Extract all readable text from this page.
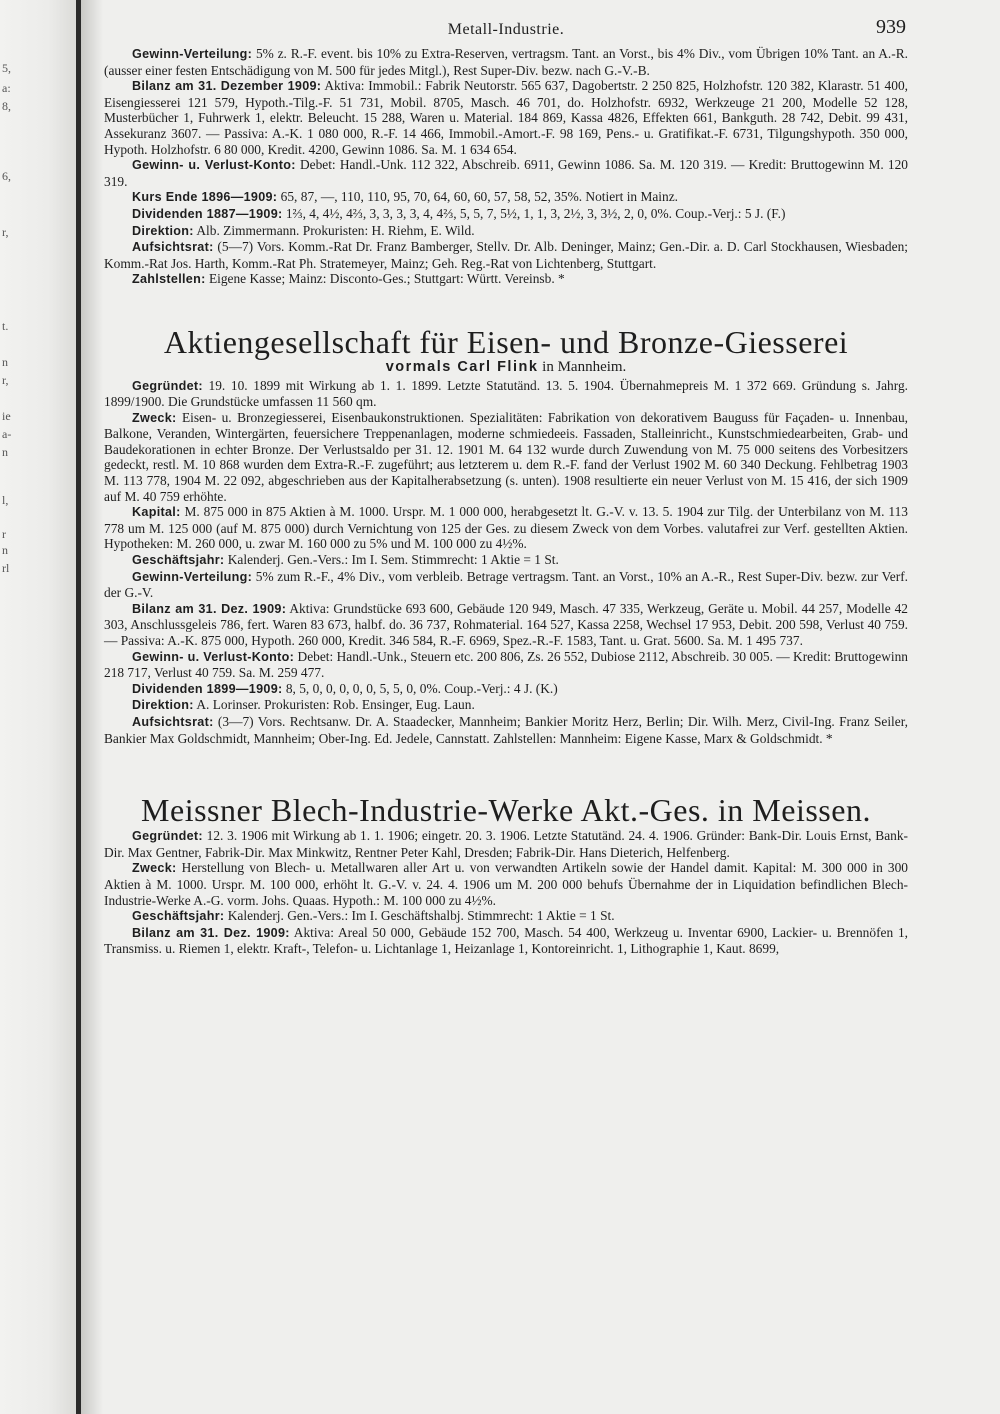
5,
a:
8,
6,
r,
t.
n
r,
ie
a-
n
l,
r
n
rl
Metall-Industrie.	939

Gewinn-Verteilung: 5% z. R.-F. event. bis 10% zu Extra-Reserven, vertragsm. Tant. an Vorst., bis 4% Div., vom Übrigen 10% Tant. an A.-R. (ausser einer festen Entschädigung von M. 500 für jedes Mitgl.), Rest Super-Div. bezw. nach G.-V.-B.

Bilanz am 31. Dezember 1909: Aktiva: Immobil.: Fabrik Neutorstr. 565 637, Dagobertstr. 2 250 825, Holzhofstr. 120 382, Klarastr. 51 400, Eisengiesserei 121 579, Hypoth.-Tilg.-F. 51 731, Mobil. 8705, Masch. 46 701, do. Holzhofstr. 6932, Werkzeuge 21 200, Modelle 52 128, Musterbücher 1, Fuhrwerk 1, elektr. Beleucht. 15 288, Waren u. Material. 184 869, Kassa 4826, Effekten 661, Bankguth. 28 742, Debit. 99 431, Assekuranz 3607. — Passiva: A.-K. 1 080 000, R.-F. 14 466, Immobil.-Amort.-F. 98 169, Pens.- u. Gratifikat.-F. 6731, Tilgungshypoth. 350 000, Hypoth. Holzhofstr. 6 80 000, Kredit. 4200, Gewinn 1086. Sa. M. 1 634 654.

Gewinn- u. Verlust-Konto: Debet: Handl.-Unk. 112 322, Abschreib. 6911, Gewinn 1086. Sa. M. 120 319. — Kredit: Bruttogewinn M. 120 319.

Kurs Ende 1896—1909: 65, 87, —, 110, 110, 95, 70, 64, 60, 60, 57, 58, 52, 35%. Notiert in Mainz.

Dividenden 1887—1909: 1⅔, 4, 4½, 4⅔, 3, 3, 3, 3, 4, 4⅔, 5, 5, 7, 5½, 1, 1, 3, 2½, 3, 3½, 2, 0, 0%. Coup.-Verj.: 5 J. (F.)

Direktion: Alb. Zimmermann. Prokuristen: H. Riehm, E. Wild.

Aufsichtsrat: (5—7) Vors. Komm.-Rat Dr. Franz Bamberger, Stellv. Dr. Alb. Deninger, Mainz; Gen.-Dir. a. D. Carl Stockhausen, Wiesbaden; Komm.-Rat Jos. Harth, Komm.-Rat Ph. Stratemeyer, Mainz; Geh. Reg.-Rat von Lichtenberg, Stuttgart.

Zahlstellen: Eigene Kasse; Mainz: Disconto-Ges.; Stuttgart: Württ. Vereinsb. *

Aktiengesellschaft für Eisen- und Bronze-Giesserei
vormals Carl Flink in Mannheim.

Gegründet: 19. 10. 1899 mit Wirkung ab 1. 1. 1899. Letzte Statutänd. 13. 5. 1904. Übernahmepreis M. 1 372 669. Gründung s. Jahrg. 1899/1900. Die Grundstücke umfassen 11 560 qm.

Zweck: Eisen- u. Bronzegiesserei, Eisenbaukonstruktionen. Spezialitäten: Fabrikation von dekorativem Bauguss für Façaden- u. Innenbau, Balkone, Veranden, Wintergärten, feuersichere Treppenanlagen, moderne schmiedeeis. Fassaden, Stalleinricht., Kunstschmiedearbeiten, Grab- und Baudekorationen in echter Bronze. Der Verlustsaldo per 31. 12. 1901 M. 64 132 wurde durch Zuwendung von M. 75 000 seitens des Vorbesitzers gedeckt, restl. M. 10 868 wurden dem Extra-R.-F. zugeführt; aus letzterem u. dem R.-F. fand der Verlust 1902 M. 60 340 Deckung. Fehlbetrag 1903 M. 113 778, 1904 M. 22 092, abgeschrieben aus der Kapitalherabsetzung (s. unten). 1908 resultierte ein neuer Verlust von M. 15 416, der sich 1909 auf M. 40 759 erhöhte.

Kapital: M. 875 000 in 875 Aktien à M. 1000. Urspr. M. 1 000 000, herabgesetzt lt. G.-V. v. 13. 5. 1904 zur Tilg. der Unterbilanz von M. 113 778 um M. 125 000 (auf M. 875 000) durch Vernichtung von 125 der Ges. zu diesem Zweck von dem Vorbes. valutafrei zur Verf. gestellten Aktien. Hypotheken: M. 260 000, u. zwar M. 160 000 zu 5% und M. 100 000 zu 4½%.

Geschäftsjahr: Kalenderj. Gen.-Vers.: Im I. Sem. Stimmrecht: 1 Aktie = 1 St.

Gewinn-Verteilung: 5% zum R.-F., 4% Div., vom verbleib. Betrage vertragsm. Tant. an Vorst., 10% an A.-R., Rest Super-Div. bezw. zur Verf. der G.-V.

Bilanz am 31. Dez. 1909: Aktiva: Grundstücke 693 600, Gebäude 120 949, Masch. 47 335, Werkzeug, Geräte u. Mobil. 44 257, Modelle 42 303, Anschlussgeleis 786, fert. Waren 83 673, halbf. do. 36 737, Rohmaterial. 164 527, Kassa 2258, Wechsel 17 953, Debit. 200 598, Verlust 40 759. — Passiva: A.-K. 875 000, Hypoth. 260 000, Kredit. 346 584, R.-F. 6969, Spez.-R.-F. 1583, Tant. u. Grat. 5600. Sa. M. 1 495 737.

Gewinn- u. Verlust-Konto: Debet: Handl.-Unk., Steuern etc. 200 806, Zs. 26 552, Dubiose 2112, Abschreib. 30 005. — Kredit: Bruttogewinn 218 717, Verlust 40 759. Sa. M. 259 477.

Dividenden 1899—1909: 8, 5, 0, 0, 0, 0, 0, 5, 5, 0, 0%. Coup.-Verj.: 4 J. (K.)

Direktion: A. Lorinser. Prokuristen: Rob. Ensinger, Eug. Laun.

Aufsichtsrat: (3—7) Vors. Rechtsanw. Dr. A. Staadecker, Mannheim; Bankier Moritz Herz, Berlin; Dir. Wilh. Merz, Civil-Ing. Franz Seiler, Bankier Max Goldschmidt, Mannheim; Ober-Ing. Ed. Jedele, Cannstatt. Zahlstellen: Mannheim: Eigene Kasse, Marx & Goldschmidt. *

Meissner Blech-Industrie-Werke Akt.-Ges. in Meissen.

Gegründet: 12. 3. 1906 mit Wirkung ab 1. 1. 1906; eingetr. 20. 3. 1906. Letzte Statutänd. 24. 4. 1906. Gründer: Bank-Dir. Louis Ernst, Bank-Dir. Max Gentner, Fabrik-Dir. Max Minkwitz, Rentner Peter Kahl, Dresden; Fabrik-Dir. Hans Dieterich, Helfenberg.

Zweck: Herstellung von Blech- u. Metallwaren aller Art u. von verwandten Artikeln sowie der Handel damit. Kapital: M. 300 000 in 300 Aktien à M. 1000. Urspr. M. 100 000, erhöht lt. G.-V. v. 24. 4. 1906 um M. 200 000 behufs Übernahme der in Liquidation befindlichen Blech-Industrie-Werke A.-G. vorm. Johs. Quaas. Hypoth.: M. 100 000 zu 4½%.

Geschäftsjahr: Kalenderj. Gen.-Vers.: Im I. Geschäftshalbj. Stimmrecht: 1 Aktie = 1 St.

Bilanz am 31. Dez. 1909: Aktiva: Areal 50 000, Gebäude 152 700, Masch. 54 400, Werkzeug u. Inventar 6900, Lackier- u. Brennöfen 1, Transmiss. u. Riemen 1, elektr. Kraft-, Telefon- u. Lichtanlage 1, Heizanlage 1, Kontoreinricht. 1, Lithographie 1, Kaut. 8699,
